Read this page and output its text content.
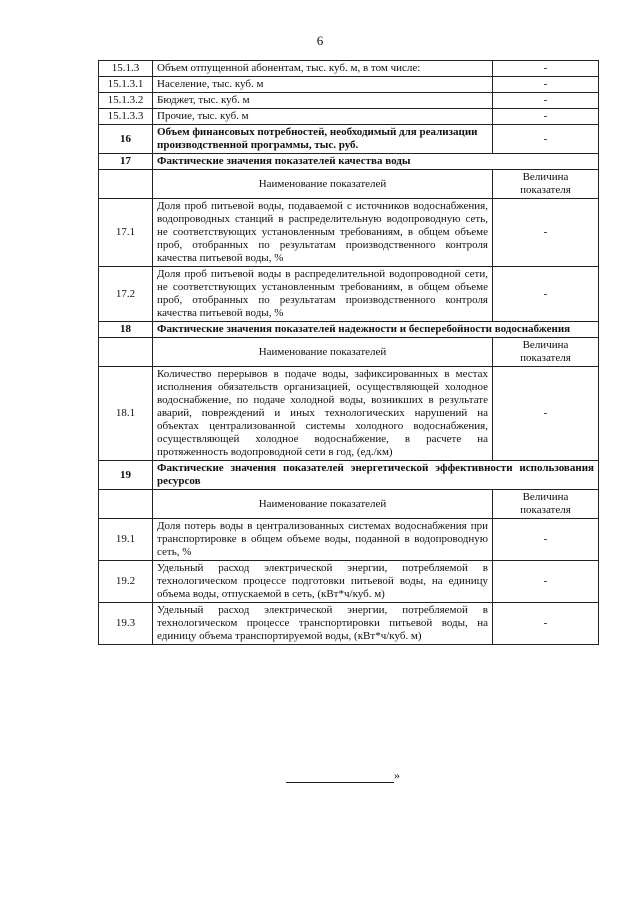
6
15.1.3	Объем отпущенной абонентам, тыс. куб. м, в том числе:	-
15.1.3.1	Население, тыс. куб. м	-
15.1.3.2	Бюджет, тыс. куб. м	-
15.1.3.3	Прочие, тыс. куб. м	-
16	Объем финансовых потребностей, необходимый для реализации производственной программы, тыс. руб.	-
17	Фактические значения показателей качества воды	
	Наименование показателей	Величина показателя
17.1	Доля проб питьевой воды, подаваемой с источников водоснабжения, водопроводных станций в распределительную водопроводную сеть, не соответствующих установленным требованиям, в общем объеме проб, отобранных по результатам производственного контроля качества питьевой воды, %	-
17.2	Доля проб питьевой воды в распределительной водопроводной сети, не соответствующих установленным требованиям, в общем объеме проб, отобранных по результатам производственного контроля качества питьевой воды, %	-
18	Фактические значения показателей надежности и бесперебойности водоснабжения	
	Наименование показателей	Величина показателя
18.1	Количество перерывов в подаче воды, зафиксированных в местах исполнения обязательств организацией, осуществляющей холодное водоснабжение, по подаче холодной воды, возникших в результате аварий, повреждений и иных технологических нарушений на объектах централизованной системы холодного водоснабжения, осуществляющей холодное водоснабжение, в расчете на протяженность водопроводной сети в год, (ед./км)	-
19	Фактические значения показателей энергетической эффективности использования ресурсов	
	Наименование показателей	Величина показателя
19.1	Доля потерь воды в централизованных системах водоснабжения при транспортировке в общем объеме воды, поданной в водопроводную сеть, %	-
19.2	Удельный расход электрической энергии, потребляемой в технологическом процессе подготовки питьевой воды, на единицу объема воды, отпускаемой в сеть, (кВт*ч/куб. м)	-
19.3	Удельный расход электрической энергии, потребляемой в технологическом процессе транспортировки питьевой воды, на единицу объема транспортируемой воды, (кВт*ч/куб. м)	-
»
